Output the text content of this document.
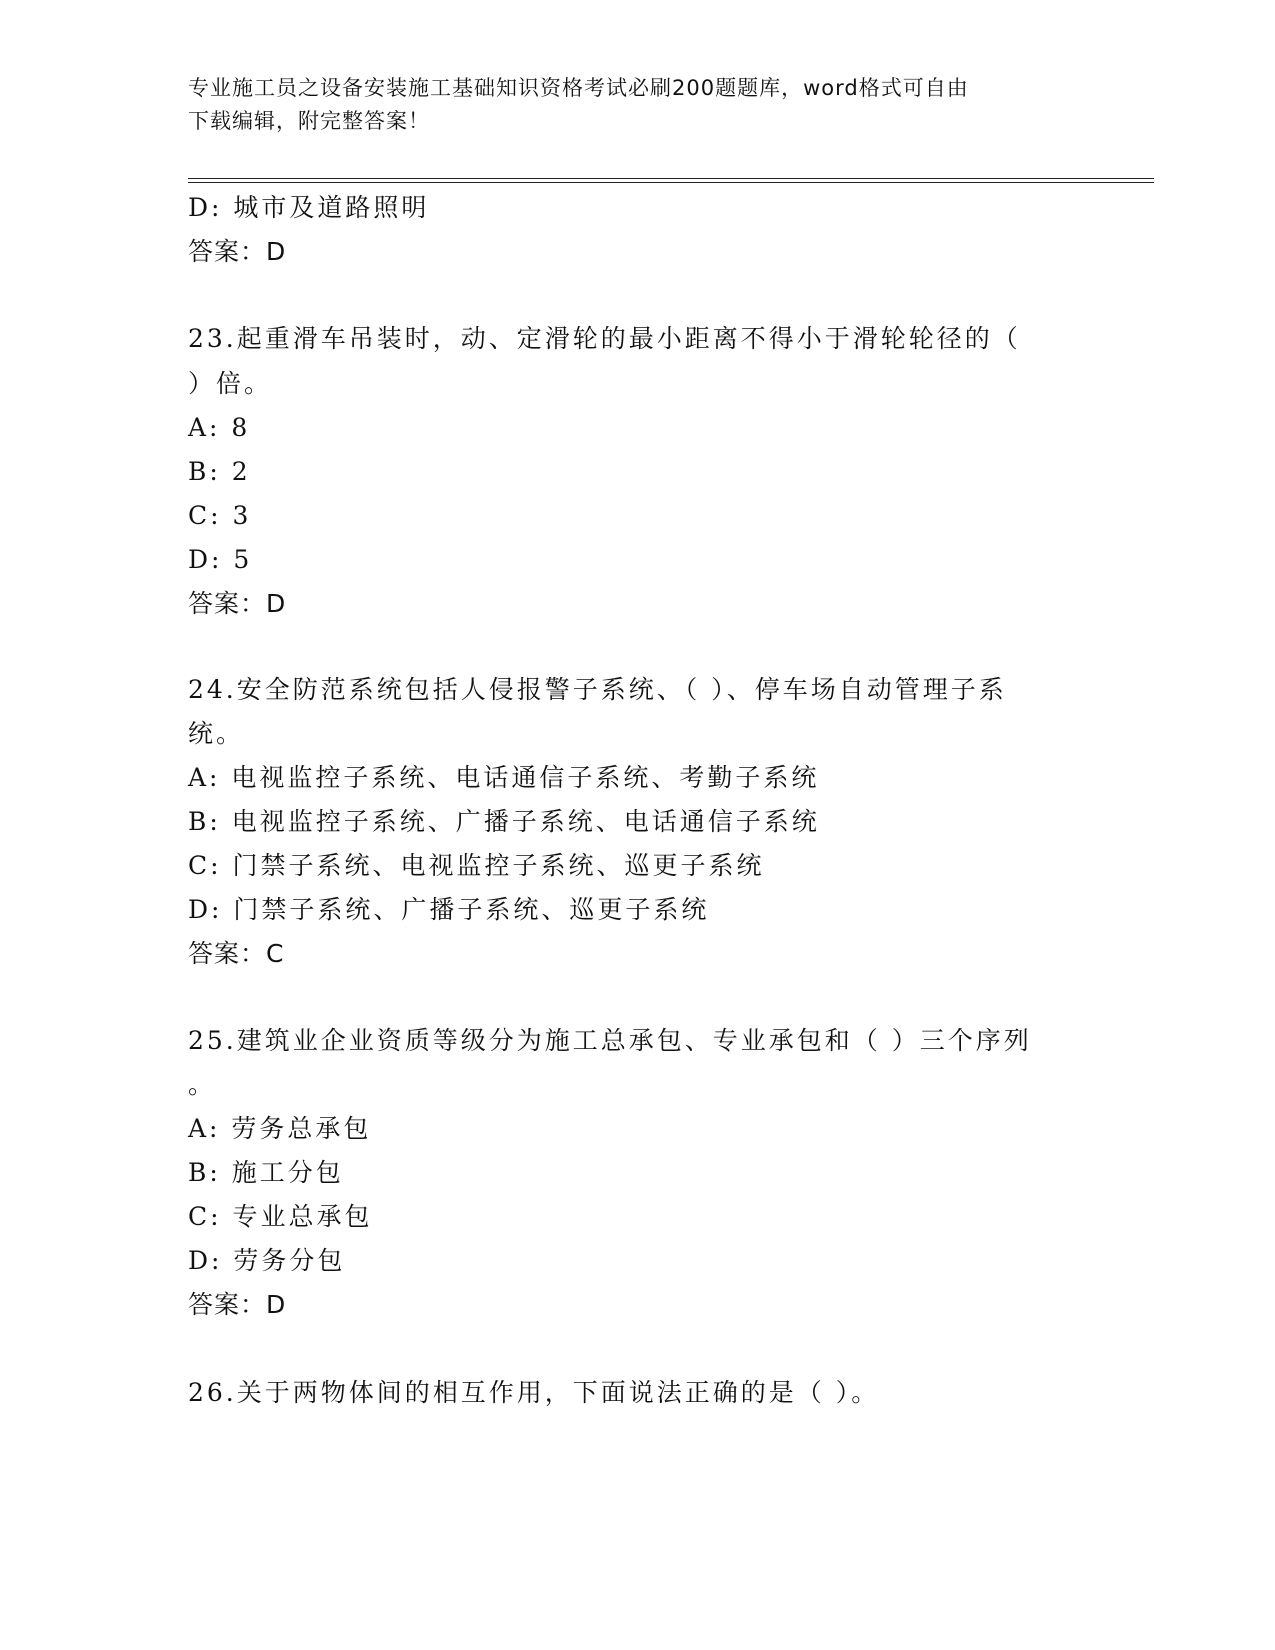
专业施工员之设备安装施工基础知识资格考试必刷200题题库，word格式可自由
下载编辑，附完整答案！
D: 城市及道路照明
答案：D
23.起重滑车吊装时，动、定滑轮的最小距离不得小于滑轮轮径的（
）倍。
A: 8
B: 2
C: 3
D: 5
答案：D
24.安全防范系统包括人侵报警子系统、（ ）、停车场自动管理子系
统。
A: 电视监控子系统、电话通信子系统、考勤子系统
B: 电视监控子系统、广播子系统、电话通信子系统
C: 门禁子系统、电视监控子系统、巡更子系统
D: 门禁子系统、广播子系统、巡更子系统
答案：C
25.建筑业企业资质等级分为施工总承包、专业承包和（ ）三个序列
。
A: 劳务总承包
B: 施工分包
C: 专业总承包
D: 劳务分包
答案：D
26.关于两物体间的相互作用，下面说法正确的是（ ）。
